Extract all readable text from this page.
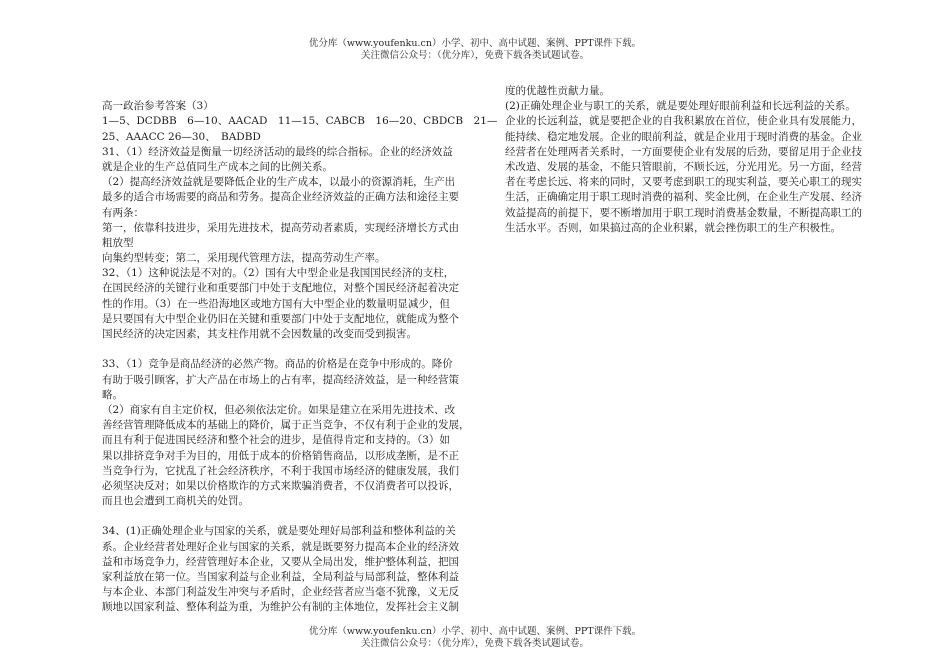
优分库（www.youfenku.cn）小学、初中、高中试题、案例、PPT课件下载。
关注微信公众号：（优分库），免费下载各类试题试卷。
高一政治参考答案（3）
1—5、DCDBB　6—10、AACAD　11—15、CABCB　16—20、CBDCB　21—
25、AAACC 26—30、　BADBD
31、（1）经济效益是衡量一切经济活动的最终的综合指标。企业的经济效益
就是企业的生产总值同生产成本之间的比例关系。
（2）提高经济效益就是要降低企业的生产成本，以最小的资源消耗，生产出
最多的适合市场需要的商品和劳务。提高企业经济效益的正确方法和途径主要
有两条：
第一，依靠科技进步，采用先进技术，提高劳动者素质，实现经济增长方式由
粗放型
向集约型转变；第二，采用现代管理方法，提高劳动生产率。
32、（1）这种说法是不对的。（2）国有大中型企业是我国国民经济的支柱，
在国民经济的关键行业和重要部门中处于支配地位，对整个国民经济起着决定
性的作用。（3）在一些沿海地区或地方国有大中型企业的数量明显减少，但
是只要国有大中型企业仍旧在关键和重要部门中处于支配地位，就能成为整个
国民经济的决定因素，其支柱作用就不会因数量的改变而受到损害。
33、（1）竞争是商品经济的必然产物。商品的价格是在竞争中形成的。降价
有助于吸引顾客，扩大产品在市场上的占有率，提高经济效益，是一种经营策
略。
（2）商家有自主定价权，但必须依法定价。如果是建立在采用先进技术、改
善经营管理降低成本的基础上的降价，属于正当竞争，不仅有利于企业的发展，
而且有利于促进国民经济和整个社会的进步，是值得肯定和支持的。（3）如
果以排挤竞争对手为目的，用低于成本的价格销售商品，以形成垄断，是不正
当竞争行为，它扰乱了社会经济秩序，不利于我国市场经济的健康发展，我们
必须坚决反对；如果以价格欺诈的方式来欺骗消费者，不仅消费者可以投诉，
而且也会遭到工商机关的处罚。
34、(1)正确处理企业与国家的关系，就是要处理好局部利益和整体利益的关
系。企业经营者处理好企业与国家的关系，就是既要努力提高本企业的经济效
益和市场竞争力，经营管理好本企业，又要从全局出发，维护整体利益，把国
家利益放在第一位。当国家利益与企业利益，全局利益与局部利益，整体利益
与本企业、本部门利益发生冲突与矛盾时，企业经营者应当毫不犹豫，义无反
顾地以国家利益、整体利益为重，为维护公有制的主体地位，发挥社会主义制
度的优越性贡献力量。
(2)正确处理企业与职工的关系，就是要处理好眼前利益和长远利益的关系。
企业的长远利益，就是要把企业的自我积累放在首位，使企业具有发展能力，
能持续、稳定地发展。企业的眼前利益，就是企业用于现时消费的基金。企业
经营者在处理两者关系时，一方面要使企业有发展的后劲，要留足用于企业技
术改造、发展的基金，不能只管眼前，不顾长远，分光用光。另一方面，经营
者在考虑长远、将来的同时，又要考虑到职工的现实利益，要关心职工的现实
生活，正确确定用于职工现时消费的福利、奖金比例，在企业生产发展、经济
效益提高的前提下，要不断增加用于职工现时消费基金数量，不断提高职工的
生活水平。否则，如果搞过高的企业积累，就会挫伤职工的生产积极性。
优分库（www.youfenku.cn）小学、初中、高中试题、案例、PPT课件下载。
关注微信公众号：（优分库），免费下载各类试题试卷。
